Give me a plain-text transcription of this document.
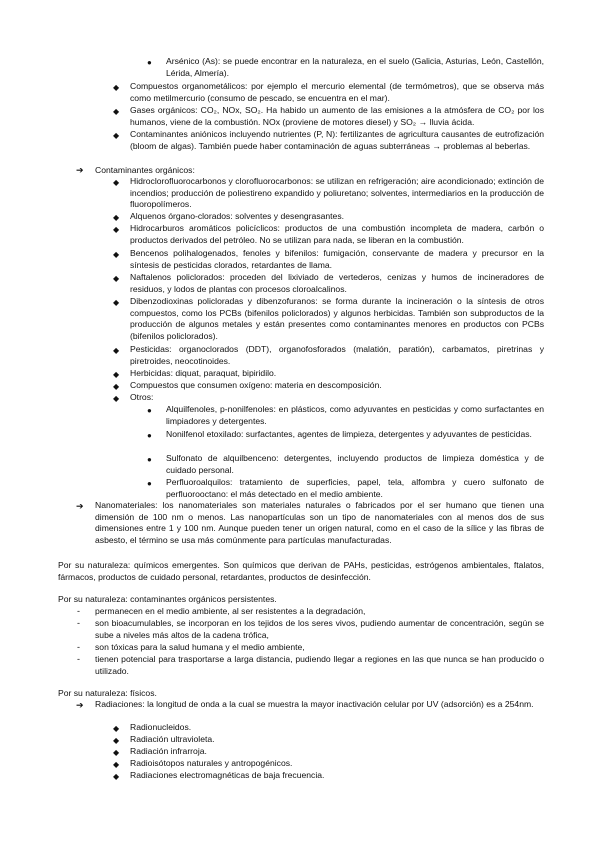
● Arsénico (As): se puede encontrar en la naturaleza, en el suelo (Galicia, Asturias, León, Castellón, Lérida, Almería).

◆ Compuestos organometálicos: por ejemplo el mercurio elemental (de termómetros), que se observa más como metilmercurio (consumo de pescado, se encuentra en el mar).

◆ Gases orgánicos: CO₂, NOx, SO₂. Ha habido un aumento de las emisiones a la atmósfera de CO₂ por los humanos, viene de la combustión. NOx (proviene de motores diesel) y SO₂ → lluvia ácida.

◆ Contaminantes aniónicos incluyendo nutrientes (P, N): fertilizantes de agricultura causantes de eutrofización (bloom de algas). También puede haber contaminación de aguas subterráneas → problemas al beberlas.

➔ Contaminantes orgánicos:

◆ Hidroclorofluorocarbonos y clorofluorocarbonos: se utilizan en refrigeración; aire acondicionado; extinción de incendios; producción de poliestireno expandido y poliuretano; solventes, intermediarios en la producción de fluoropolímeros.

◆ Alquenos órgano-clorados: solventes y desengrasantes.

◆ Hidrocarburos aromáticos policíclicos: productos de una combustión incompleta de madera, carbón o productos derivados del petróleo. No se utilizan para nada, se liberan en la combustión.

◆ Bencenos polihalogenados, fenoles y bifenilos: fumigación, conservante de madera y precursor en la síntesis de pesticidas clorados, retardantes de llama.

◆ Naftalenos policlorados: proceden del lixiviado de vertederos, cenizas y humos de incineradores de residuos, y lodos de plantas con procesos cloroalcalinos.

◆ Dibenzodioxinas policloradas y dibenzofuranos: se forma durante la incineración o la síntesis de otros compuestos, como los PCBs (bifenilos policlorados) y algunos herbicidas. También son subproductos de la producción de algunos metales y están presentes como contaminantes menores en productos con PCBs (bifenilos policlorados).

◆ Pesticidas: organoclorados (DDT), organofosforados (malatión, paratión), carbamatos, piretrinas y piretroides, neocotinoides.

◆ Herbicidas: diquat, paraquat, bipiridilo.

◆ Compuestos que consumen oxígeno: materia en descomposición.

◆ Otros:

● Alquilfenoles, p-nonilfenoles: en plásticos, como adyuvantes en pesticidas y como surfactantes en limpiadores y detergentes.

● Nonilfenol etoxilado: surfactantes, agentes de limpieza, detergentes y adyuvantes de pesticidas.

● Sulfonato de alquilbenceno: detergentes, incluyendo productos de limpieza doméstica y de cuidado personal.

● Perfluoroalquilos: tratamiento de superficies, papel, tela, alfombra y cuero sulfonato de perfluorooctano: el más detectado en el medio ambiente.

➔ Nanomateriales: los nanomateriales son materiales naturales o fabricados por el ser humano que tienen una dimensión de 100 nm o menos. Las nanopartículas son un tipo de nanomateriales con al menos dos de sus dimensiones entre 1 y 100 nm. Aunque pueden tener un origen natural, como en el caso de la sílice y las fibras de asbesto, el término se usa más comúnmente para partículas manufacturadas.

Por su naturaleza: químicos emergentes. Son químicos que derivan de PAHs, pesticidas, estrógenos ambientales, ftalatos, fármacos, productos de cuidado personal, retardantes, productos de desinfección.

Por su naturaleza: contaminantes orgánicos persistentes.

- permanecen en el medio ambiente, al ser resistentes a la degradación,

- son bioacumulables, se incorporan en los tejidos de los seres vivos, pudiendo aumentar de concentración, según se sube a niveles más altos de la cadena trófica,

- son tóxicas para la salud humana y el medio ambiente,

- tienen potencial para trasportarse a larga distancia, pudiendo llegar a regiones en las que nunca se han producido o utilizado.

Por su naturaleza: físicos.

➔ Radiaciones: la longitud de onda a la cual se muestra la mayor inactivación celular por UV (adsorción) es a 254nm.

◆ Radionucleidos.

◆ Radiación ultravioleta.

◆ Radiación infrarroja.

◆ Radioisótopos naturales y antropogénicos.

◆ Radiaciones electromagnéticas de baja frecuencia.
